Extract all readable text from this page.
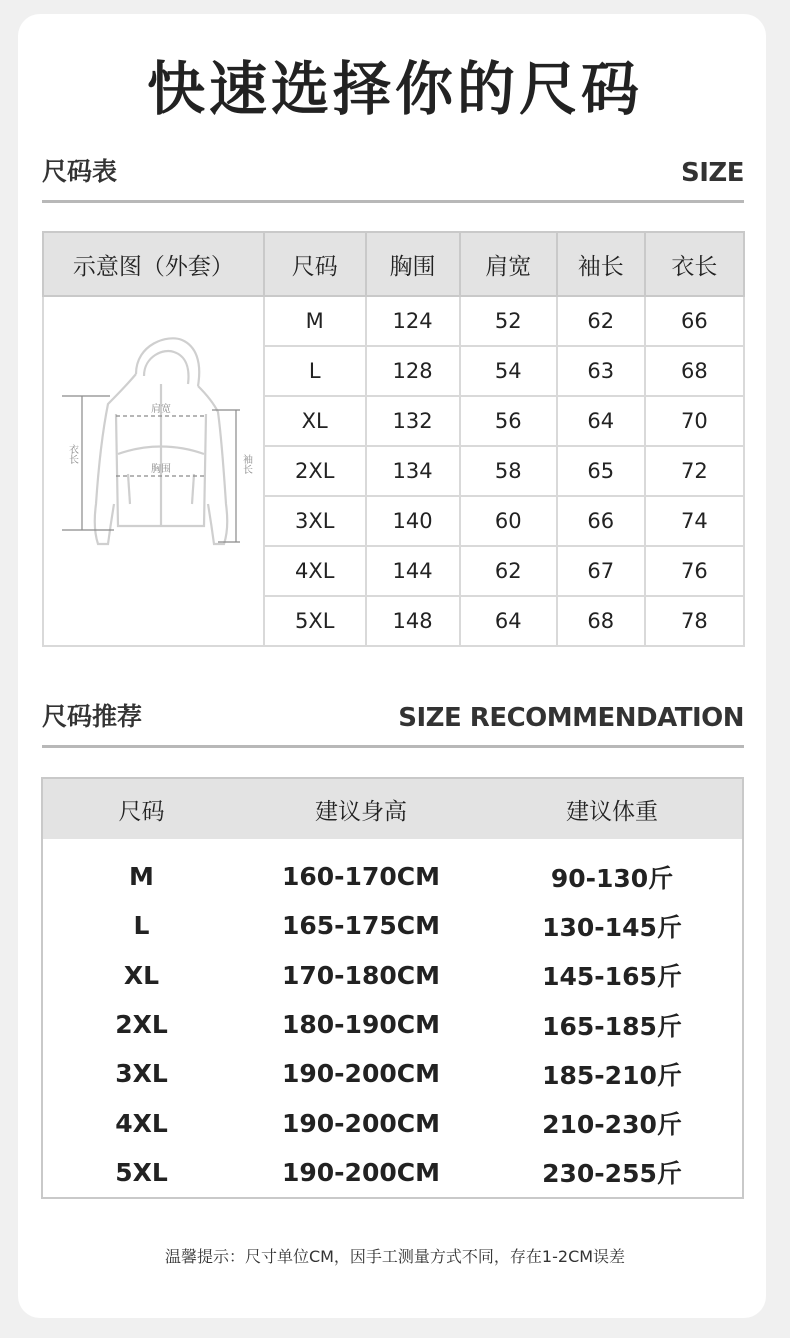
快速选择你的尺码
尺码表	SIZE
示意图（外套）	尺码	胸围	肩宽	袖长	衣长

肩宽
胸围
衣长 袖长	M	124	52	62	66
	L	128	54	63	68
	XL	132	56	64	70
	2XL	134	58	65	72
	3XL	140	60	66	74
	4XL	144	62	67	76
	5XL	148	64	68	78
尺码推荐	SIZE RECOMMENDATION
尺码	建议身高	建议体重
M	160-170CM	90-130斤
L	165-175CM	130-145斤
XL	170-180CM	145-165斤
2XL	180-190CM	165-185斤
3XL	190-200CM	185-210斤
4XL	190-200CM	210-230斤
5XL	190-200CM	230-255斤
温馨提示：尺寸单位CM，因手工测量方式不同，存在1-2CM误差
